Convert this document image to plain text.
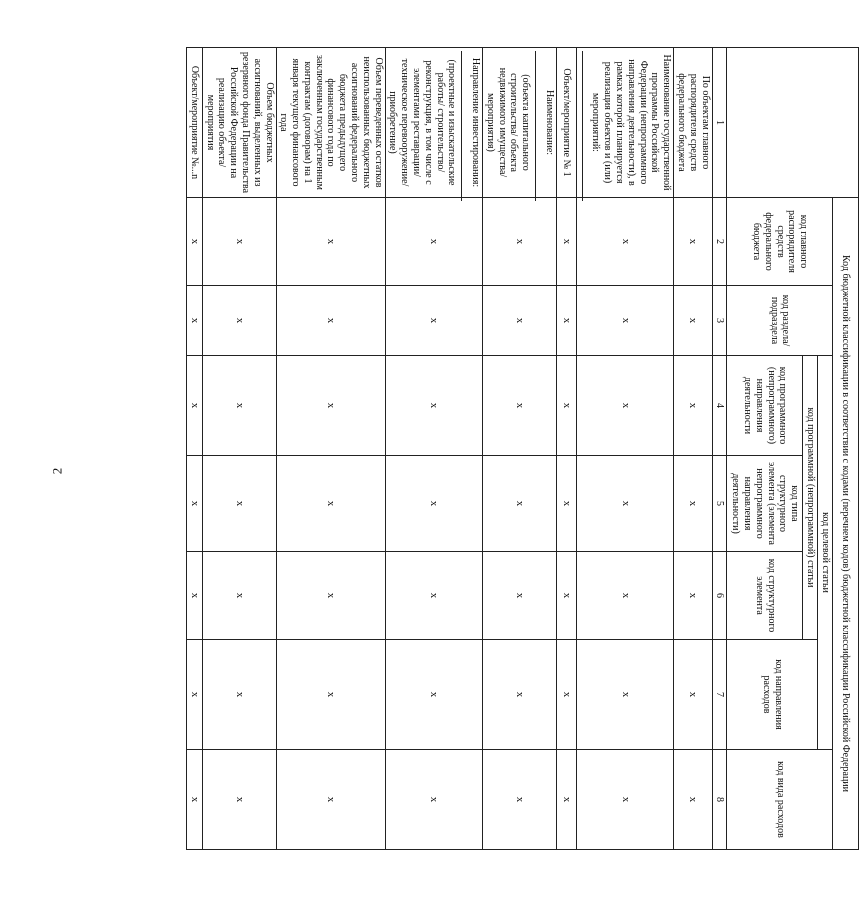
2
		Код бюджетной классификации в соответствии с кодами (перечнем кодов) бюджетной классификации Российской Федерации						
	код главного распорядителя средств федерального бюджета	код раздела/ подраздела	код целевой статьи				код вида расходов
			код программной (непрограммной) статьи			код направления расходов	
			код программного (непрограммного) направления деятельности	код типа структурного элемента (элемента непрограммного направления деятельности)	код структурного элемента		
1	2	3	4	5	6	7	8
По объектам главного распорядителя средств федерального бюджета	x	x	x	x	x	x	x

Наименование государственной программы Российской Федерации (непрограммного направления деятельности), в рамках которой планируется реализация объектов и (или) мероприятий:	x	x	x	x	x	x	x
Объект/мероприятие № 1	x	x	x	x	x	x	x

Наименование:
(объекта капитального строительства/ объекта недвижимого имущества/ мероприятия)	x	x	x	x	x	x	x

Направление инвестирования:
(проектные и изыскательские работы/ строительство/ реконструкция, в том числе с элементами реставрации/ техническое перевооружение/ приобретение)	x	x	x	x	x	x	x
Объем переведенных остатков неиспользованных бюджетных ассигнований федерального бюджета предыдущего финансового года по заключенным государственным контрактам (договорам) на 1 января текущего финансового года	x	x	x	x	x	x	x
Объем бюджетных ассигнований, выделенных из резервного фонда Правительства Российской Федерации на реализацию объекта/мероприятия	x	x	x	x	x	x	x
Объект/мероприятие №...n	x	x	x	x	x	x	x
